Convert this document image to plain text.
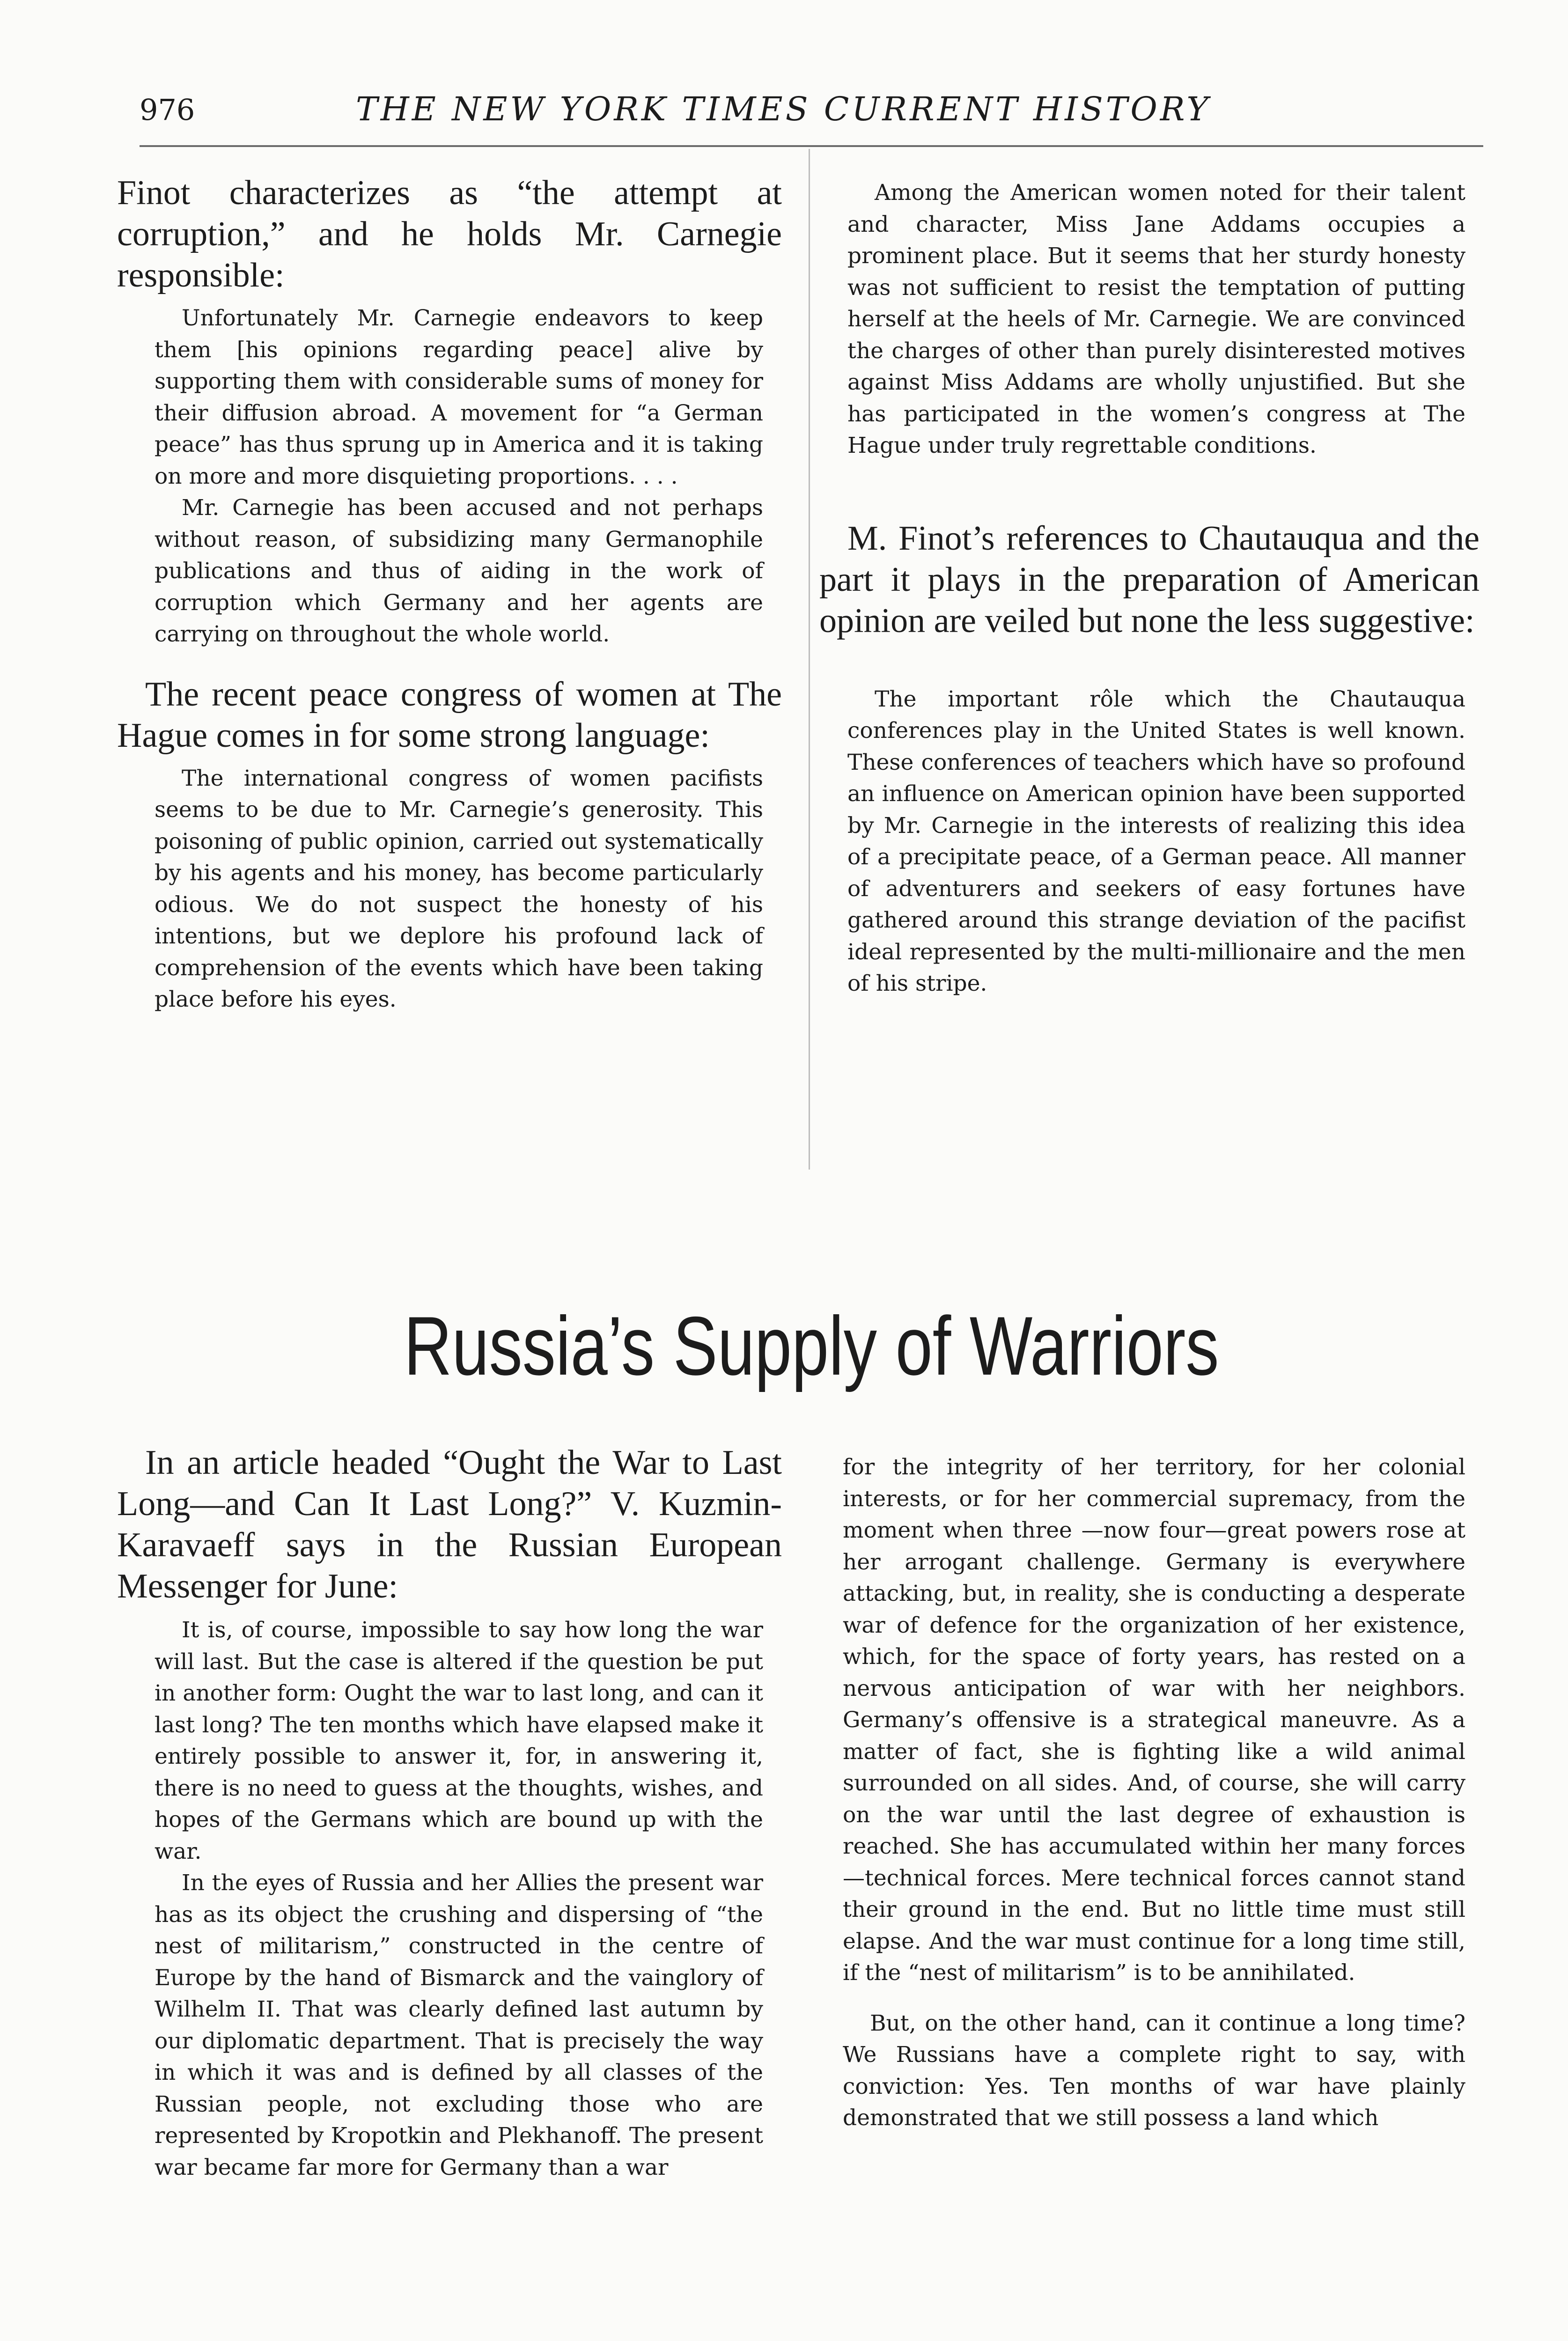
976	THE NEW YORK TIMES CURRENT HISTORY

Finot characterizes as “the attempt at corruption,” and he holds Mr. Carnegie responsible:

Unfortunately Mr. Carnegie endeavors to keep them [his opinions regarding peace] alive by supporting them with considerable sums of money for their diffusion abroad. A movement for “a German peace” has thus sprung up in America and it is taking on more and more disquieting proportions. . . .

Mr. Carnegie has been accused and not perhaps without reason, of subsidizing many Germanophile publications and thus of aiding in the work of corruption which Germany and her agents are carrying on throughout the whole world.

The recent peace congress of women at The Hague comes in for some strong language:

The international congress of women pacifists seems to be due to Mr. Carnegie’s generosity. This poisoning of public opinion, carried out systematically by his agents and his money, has become particularly odious. We do not suspect the honesty of his intentions, but we deplore his profound lack of comprehension of the events which have been taking place before his eyes.

Among the American women noted for their talent and character, Miss Jane Addams occupies a prominent place. But it seems that her sturdy honesty was not sufficient to resist the temptation of putting herself at the heels of Mr. Carnegie. We are convinced the charges of other than purely disinterested motives against Miss Addams are wholly unjustified. But she has participated in the women’s congress at The Hague under truly regrettable conditions.

M. Finot’s references to Chautauqua and the part it plays in the preparation of American opinion are veiled but none the less suggestive:

The important rôle which the Chautauqua conferences play in the United States is well known. These conferences of teachers which have so profound an influence on American opinion have been supported by Mr. Carnegie in the interests of realizing this idea of a precipitate peace, of a German peace. All manner of adventurers and seekers of easy fortunes have gathered around this strange deviation of the pacifist ideal represented by the multi-millionaire and the men of his stripe.

Russia’s Supply of Warriors

In an article headed “Ought the War to Last Long—and Can It Last Long?” V. Kuzmin-Karavaeff says in the Russian European Messenger for June:

It is, of course, impossible to say how long the war will last. But the case is altered if the question be put in another form: Ought the war to last long, and can it last long? The ten months which have elapsed make it entirely possible to answer it, for, in answering it, there is no need to guess at the thoughts, wishes, and hopes of the Germans which are bound up with the war.

In the eyes of Russia and her Allies the present war has as its object the crushing and dispersing of “the nest of militarism,” constructed in the centre of Europe by the hand of Bismarck and the vainglory of Wilhelm II. That was clearly defined last autumn by our diplomatic department. That is precisely the way in which it was and is defined by all classes of the Russian people, not excluding those who are represented by Kropotkin and Plekhanoff. The present war became far more for Germany than a war

for the integrity of her territory, for her colonial interests, or for her commercial supremacy, from the moment when three —now four—great powers rose at her arrogant challenge. Germany is everywhere attacking, but, in reality, she is conducting a desperate war of defence for the organization of her existence, which, for the space of forty years, has rested on a nervous anticipation of war with her neighbors. Germany’s offensive is a strategical maneuvre. As a matter of fact, she is fighting like a wild animal surrounded on all sides. And, of course, she will carry on the war until the last degree of exhaustion is reached. She has accumulated within her many forces—technical forces. Mere technical forces cannot stand their ground in the end. But no little time must still elapse. And the war must continue for a long time still, if the “nest of militarism” is to be annihilated.

But, on the other hand, can it continue a long time? We Russians have a complete right to say, with conviction: Yes. Ten months of war have plainly demonstrated that we still possess a land which
